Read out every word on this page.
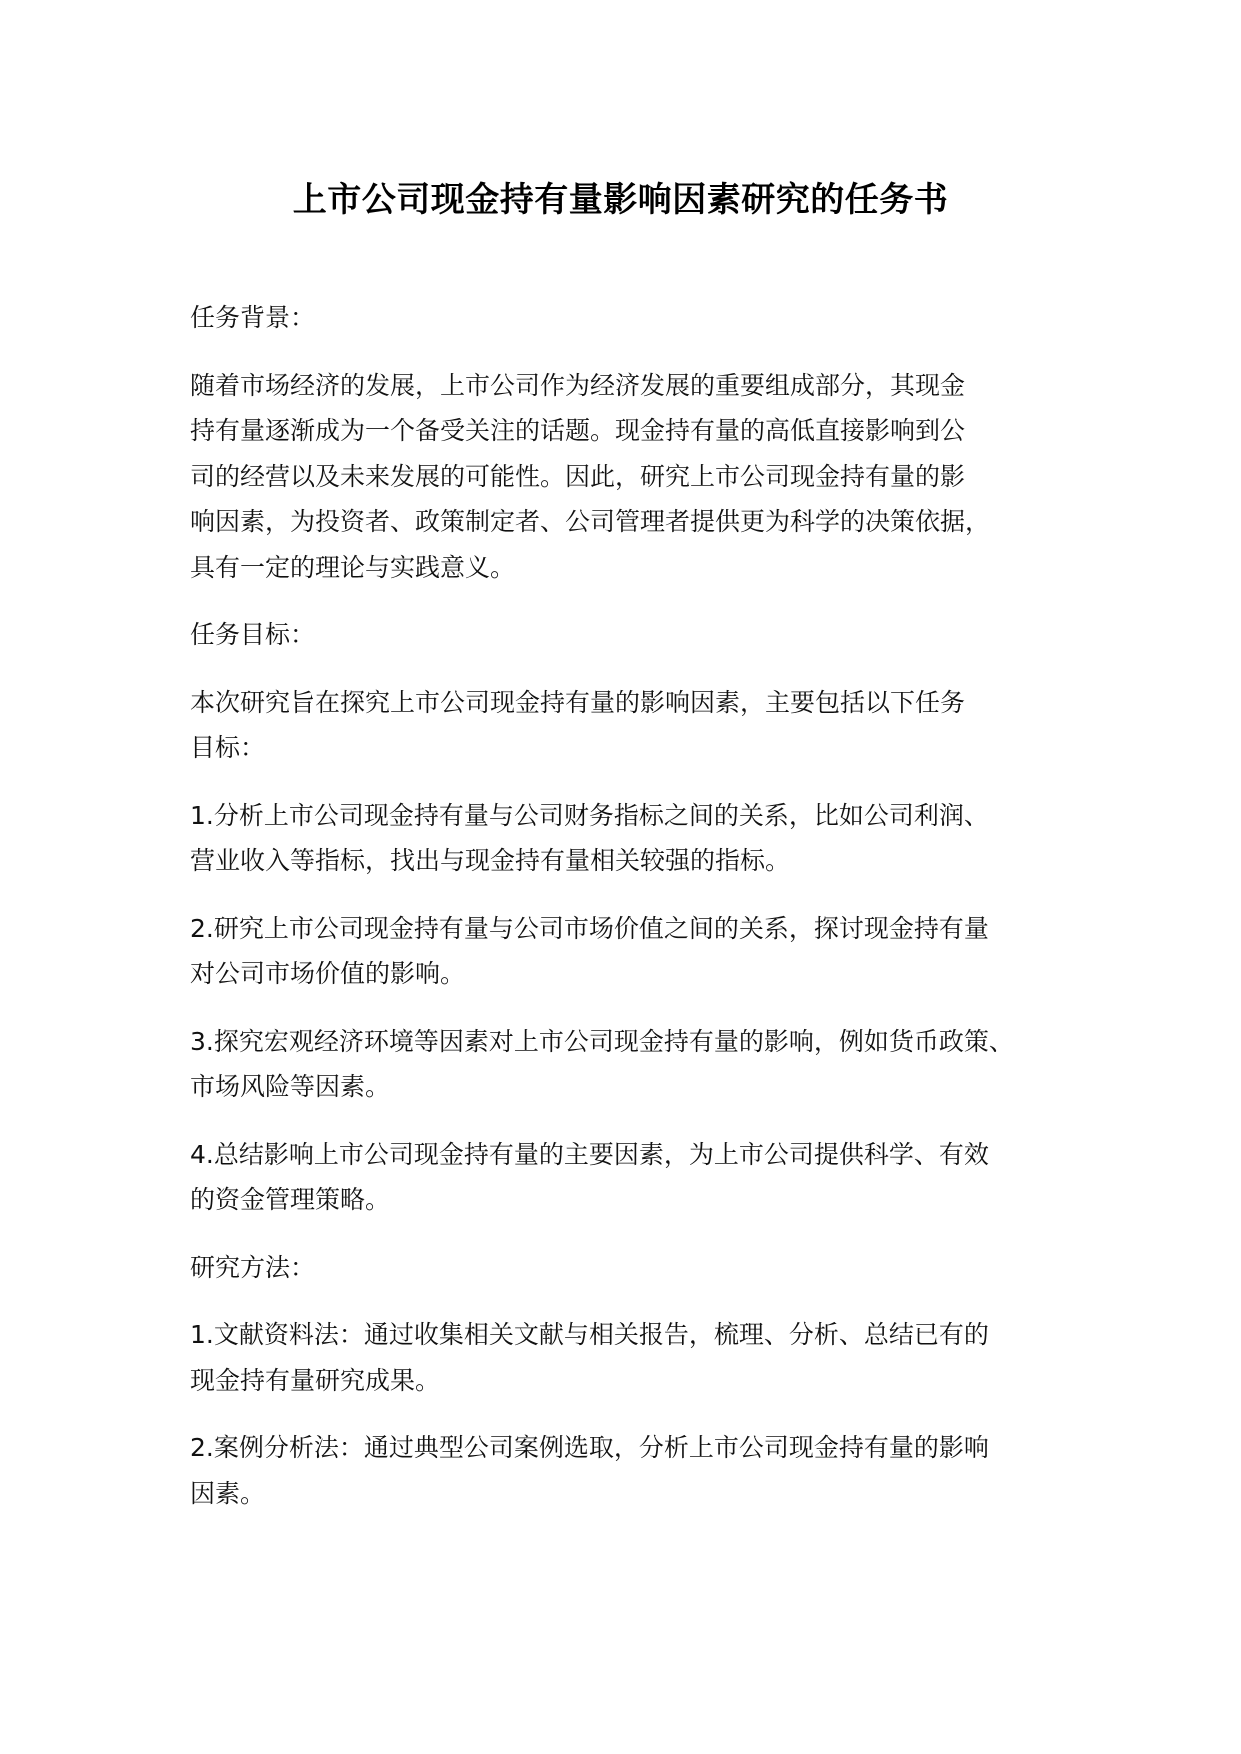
上市公司现金持有量影响因素研究的任务书
任务背景：
随着市场经济的发展，上市公司作为经济发展的重要组成部分，其现金
持有量逐渐成为一个备受关注的话题。现金持有量的高低直接影响到公
司的经营以及未来发展的可能性。因此，研究上市公司现金持有量的影
响因素，为投资者、政策制定者、公司管理者提供更为科学的决策依据，
具有一定的理论与实践意义。
任务目标：
本次研究旨在探究上市公司现金持有量的影响因素，主要包括以下任务
目标：
1.分析上市公司现金持有量与公司财务指标之间的关系，比如公司利润、
营业收入等指标，找出与现金持有量相关较强的指标。
2.研究上市公司现金持有量与公司市场价值之间的关系，探讨现金持有量
对公司市场价值的影响。
3.探究宏观经济环境等因素对上市公司现金持有量的影响，例如货币政策、
市场风险等因素。
4.总结影响上市公司现金持有量的主要因素，为上市公司提供科学、有效
的资金管理策略。
研究方法：
1.文献资料法：通过收集相关文献与相关报告，梳理、分析、总结已有的
现金持有量研究成果。
2.案例分析法：通过典型公司案例选取，分析上市公司现金持有量的影响
因素。
